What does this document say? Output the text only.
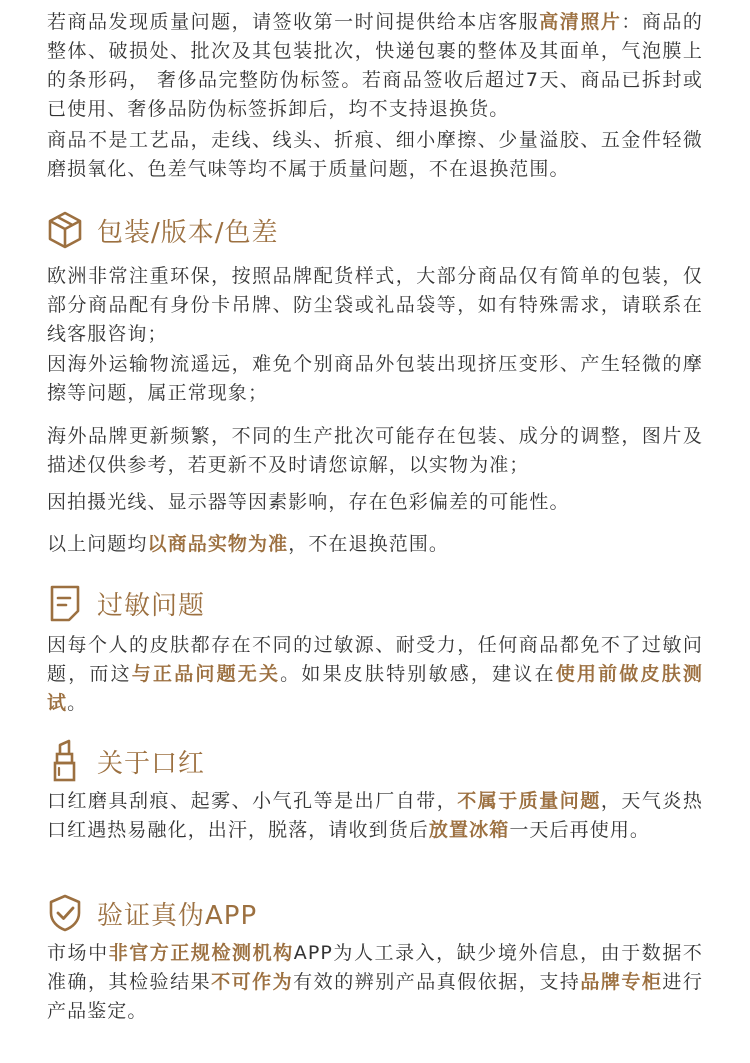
若商品发现质量问题，请签收第一时间提供给本店客服高清照片：商品的整体、破损处、批次及其包装批次，快递包裹的整体及其面单，气泡膜上的条形码， 奢侈品完整防伪标签。若商品签收后超过7天、商品已拆封或已使用、奢侈品防伪标签拆卸后，均不支持退换货。

商品不是工艺品，走线、线头、折痕、细小摩擦、少量溢胶、五金件轻微磨损氧化、色差气味等均不属于质量问题，不在退换范围。

包装/版本/色差

欧洲非常注重环保，按照品牌配货样式，大部分商品仅有简单的包装，仅部分商品配有身份卡吊牌、防尘袋或礼品袋等，如有特殊需求，请联系在线客服咨询；

因海外运输物流遥远，难免个别商品外包装出现挤压变形、产生轻微的摩擦等问题，属正常现象；

海外品牌更新频繁，不同的生产批次可能存在包装、成分的调整，图片及描述仅供参考，若更新不及时请您谅解，以实物为准；

因拍摄光线、显示器等因素影响，存在色彩偏差的可能性。

以上问题均以商品实物为准，不在退换范围。

过敏问题

因每个人的皮肤都存在不同的过敏源、耐受力，任何商品都免不了过敏问题，而这与正品问题无关。如果皮肤特别敏感，建议在使用前做皮肤测试。

关于口红

口红磨具刮痕、起雾、小气孔等是出厂自带，不属于质量问题，天气炎热口红遇热易融化，出汗，脱落，请收到货后放置冰箱一天后再使用。

验证真伪APP

市场中非官方正规检测机构APP为人工录入，缺少境外信息，由于数据不准确，其检验结果不可作为有效的辨别产品真假依据，支持品牌专柜进行产品鉴定。
